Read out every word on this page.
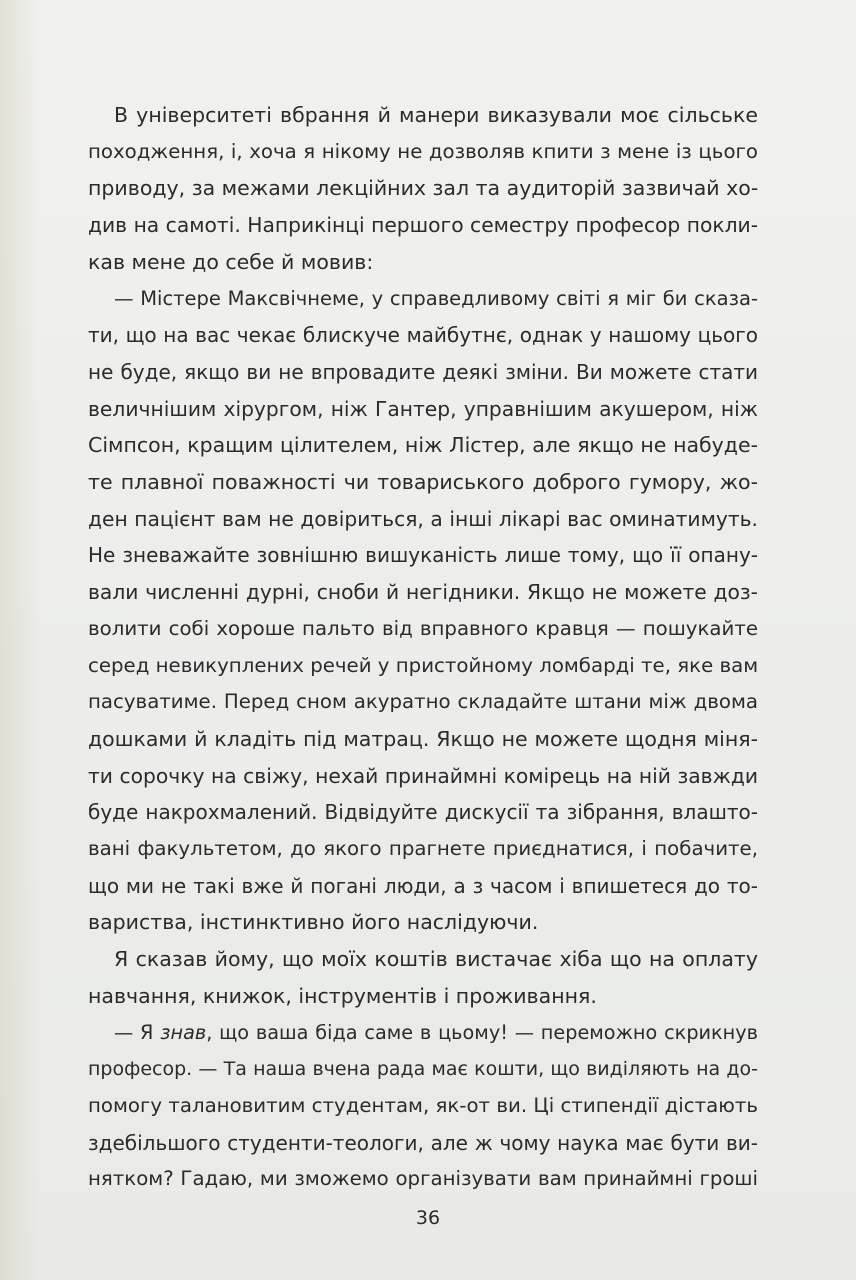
В університеті вбрання й манери виказували моє сільське
походження, і, хоча я нікому не дозволяв кпити з мене із цього
приводу, за межами лекційних зал та аудиторій зазвичай хо-
див на самоті. Наприкінці першого семестру професор покли-
кав мене до себе й мовив:
— Містере Максвічнеме, у справедливому світі я міг би сказа-
ти, що на вас чекає блискуче майбутнє, однак у нашому цього
не буде, якщо ви не впровадите деякі зміни. Ви можете стати
величнішим хірургом, ніж Гантер, управнішим акушером, ніж
Сімпсон, кращим цілителем, ніж Лістер, але якщо не набуде-
те плавної поважності чи товариського доброго гумору, жо-
ден пацієнт вам не довіриться, а інші лікарі вас оминатимуть.
Не зневажайте зовнішню вишуканість лише тому, що її опану-
вали численні дурні, сноби й негідники. Якщо не можете доз-
волити собі хороше пальто від вправного кравця — пошукайте
серед невикуплених речей у пристойному ломбарді те, яке вам
пасуватиме. Перед сном акуратно складайте штани між двома
дошками й кладіть під матрац. Якщо не можете щодня міня-
ти сорочку на свіжу, нехай принаймні комірець на ній завжди
буде накрохмалений. Відвідуйте дискусії та зібрання, влашто-
вані факультетом, до якого прагнете приєднатися, і побачите,
що ми не такі вже й погані люди, а з часом і впишетеся до то-
вариства, інстинктивно його наслідуючи.
Я сказав йому, що моїх коштів вистачає хіба що на оплату
навчання, книжок, інструментів і проживання.
— Я знав, що ваша біда саме в цьому! — переможно скрикнув
професор. — Та наша вчена рада має кошти, що виділяють на до-
помогу талановитим студентам, як-от ви. Ці стипендії дістають
здебільшого студенти-теологи, але ж чому наука має бути ви-
нятком? Гадаю, ми зможемо організувати вам принаймні гроші
36
